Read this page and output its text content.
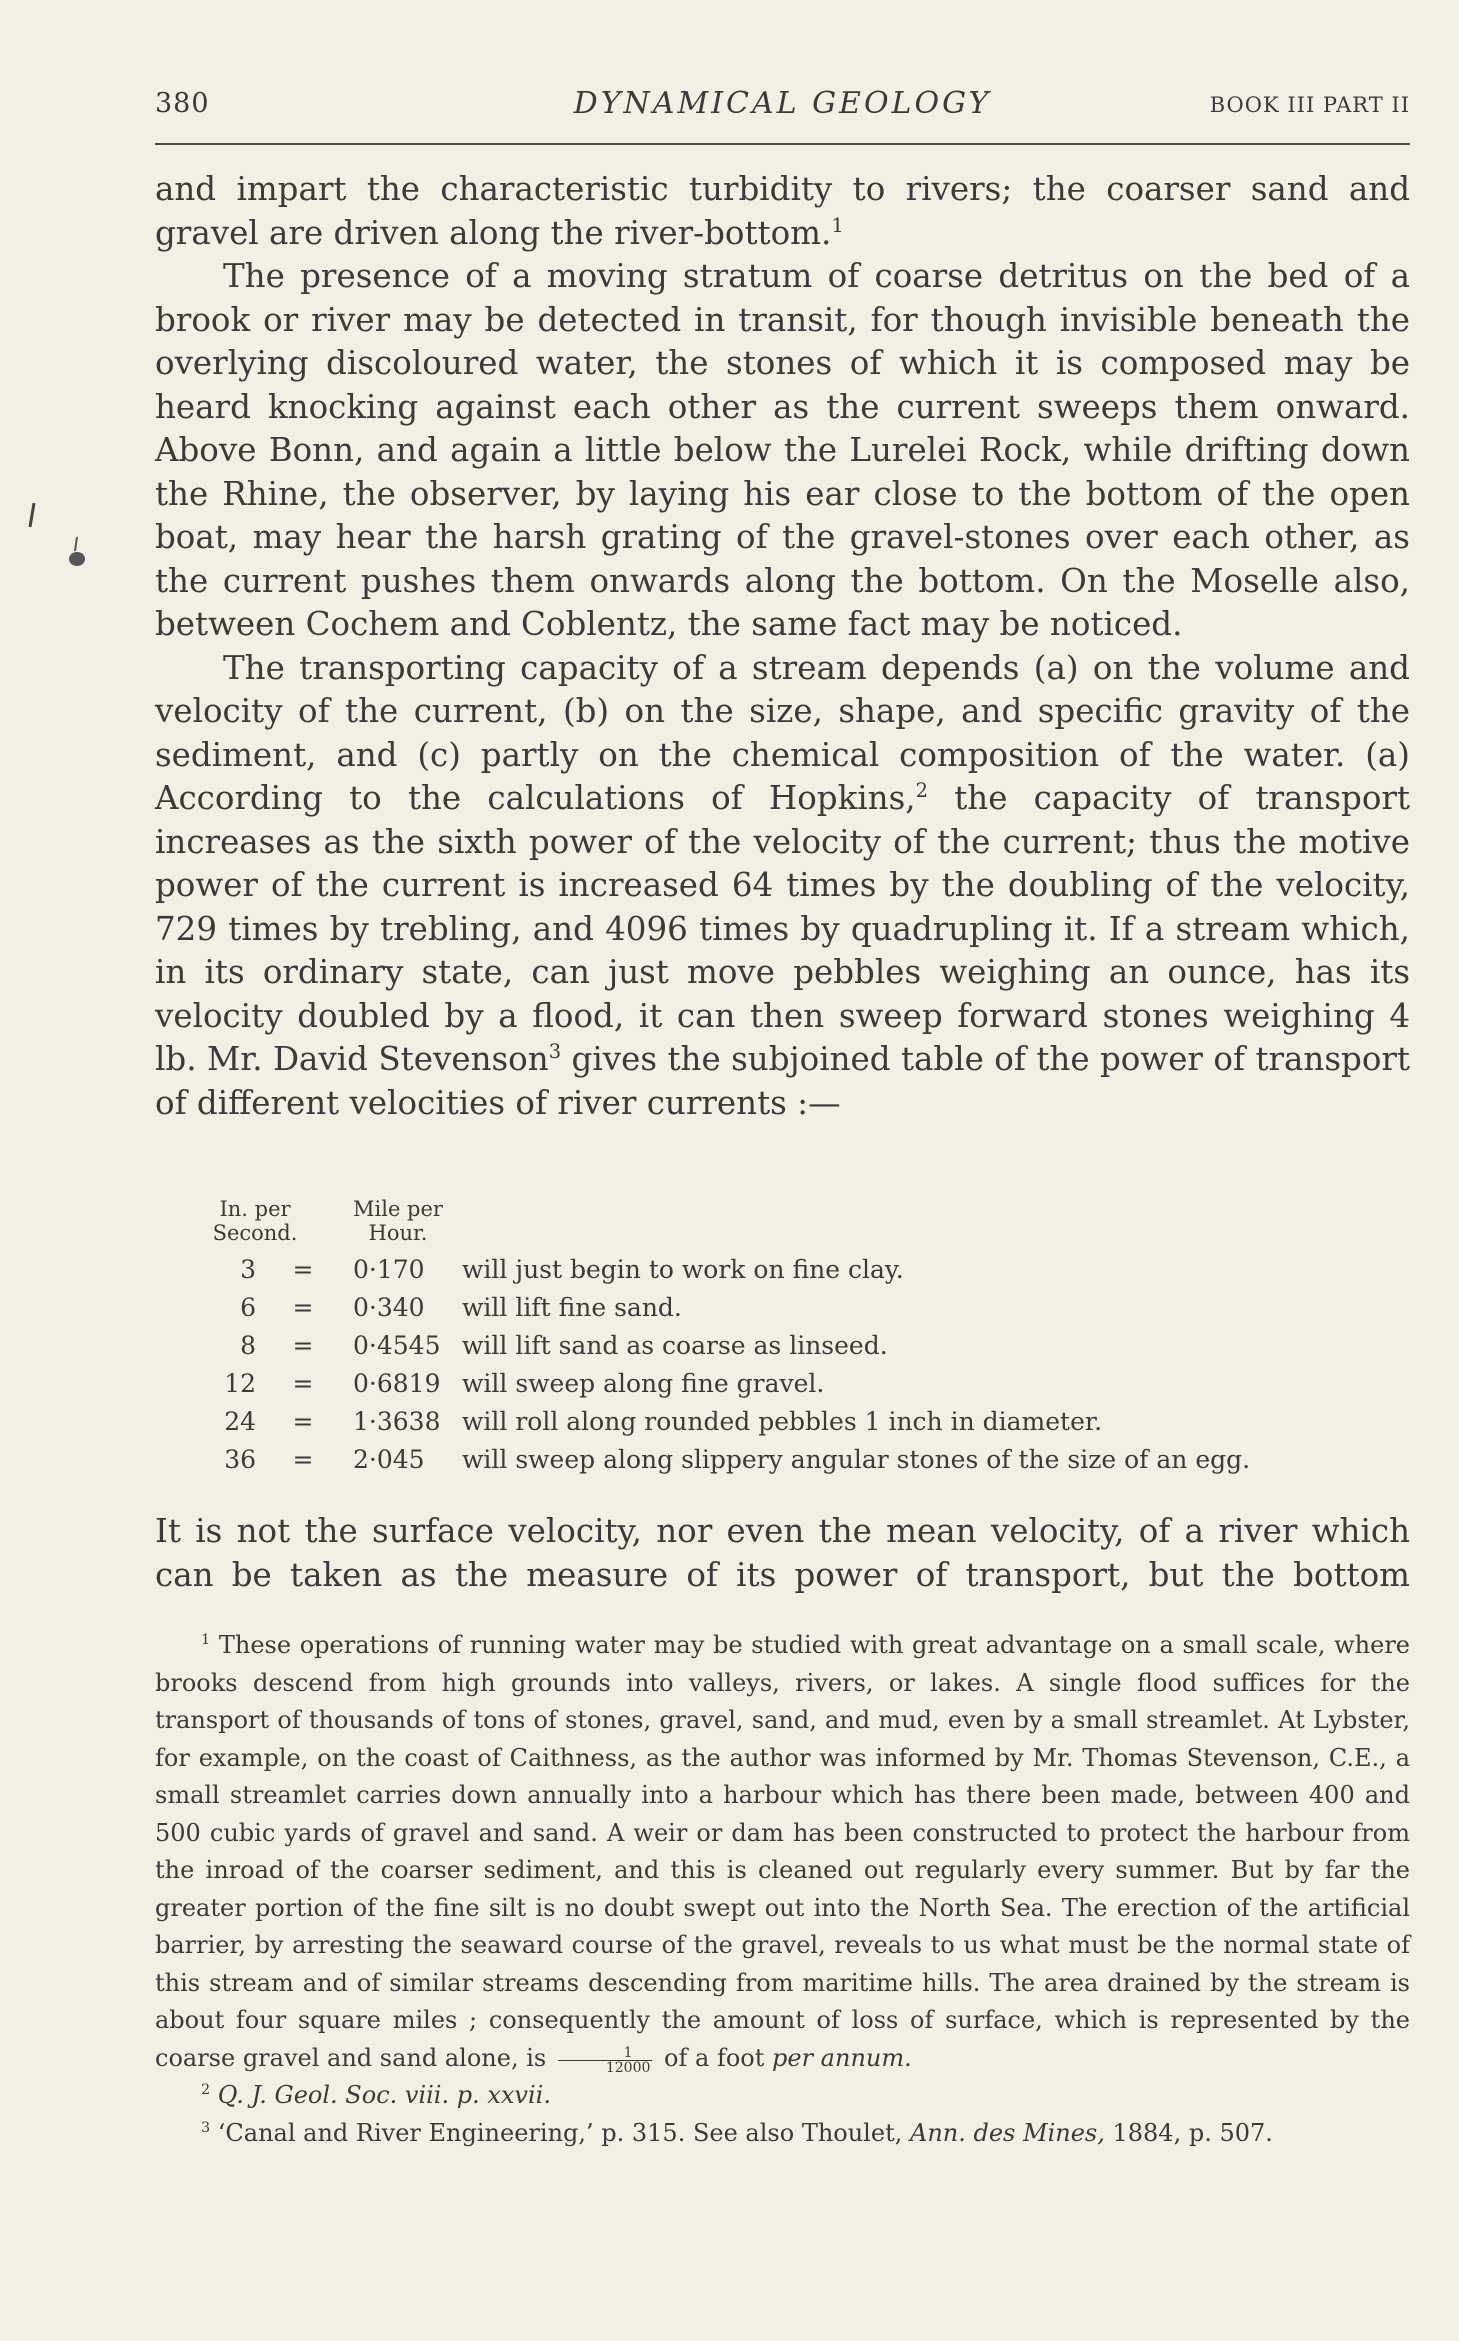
380	DYNAMICAL GEOLOGY	BOOK III PART II

and impart the characteristic turbidity to rivers; the coarser sand and gravel are driven along the river-bottom.$^1$

The presence of a moving stratum of coarse detritus on the bed of a brook or river may be detected in transit, for though invisible beneath the overlying discoloured water, the stones of which it is composed may be heard knocking against each other as the current sweeps them onward. Above Bonn, and again a little below the Lurelei Rock, while drifting down the Rhine, the observer, by laying his ear close to the bottom of the open boat, may hear the harsh grating of the gravel-stones over each other, as the current pushes them onwards along the bottom. On the Moselle also, between Cochem and Coblentz, the same fact may be noticed.

The transporting capacity of a stream depends (a) on the volume and velocity of the current, (b) on the size, shape, and specific gravity of the sediment, and (c) partly on the chemical composition of the water. (a) According to the calculations of Hopkins,$^2$ the capacity of transport increases as the sixth power of the velocity of the current; thus the motive power of the current is increased 64 times by the doubling of the velocity, 729 times by trebling, and 4096 times by quadrupling it. If a stream which, in its ordinary state, can just move pebbles weighing an ounce, has its velocity doubled by a flood, it can then sweep forward stones weighing 4 lb. Mr. David Stevenson$^3$ gives the subjoined table of the power of transport of different velocities of river currents :—

In. per
Second.
Mile per
Hour.
3 = 0·170	will just begin to work on fine clay.
6 = 0·340	will lift fine sand.
8 = 0·4545 will lift sand as coarse as linseed.
12 = 0·6819 will sweep along fine gravel.
24 = 1·3638 will roll along rounded pebbles 1 inch in diameter.
36 = 2·045	will sweep along slippery angular stones of the size of an egg.

It is not the surface velocity, nor even the mean velocity, of a river which can be taken as the measure of its power of transport, but the bottom

$^1$ These operations of running water may be studied with great advantage on a small scale, where brooks descend from high grounds into valleys, rivers, or lakes. A single flood suffices for the transport of thousands of tons of stones, gravel, sand, and mud, even by a small streamlet. At Lybster, for example, on the coast of Caithness, as the author was informed by Mr. Thomas Stevenson, C.E., a small streamlet carries down annually into a harbour which has there been made, between 400 and 500 cubic yards of gravel and sand. A weir or dam has been constructed to protect the harbour from the inroad of the coarser sediment, and this is cleaned out regularly every summer. But by far the greater portion of the fine silt is no doubt swept out into the North Sea. The erection of the artificial barrier, by arresting the seaward course of the gravel, reveals to us what must be the normal state of this stream and of similar streams descending from maritime hills. The area drained by the stream is about four square miles ; consequently the amount of loss of surface, which is represented by the coarse gravel and sand alone, is $\frac{1}{12000}$ of a foot per annum.

$^2$ Q. J. Geol. Soc. viii. p. xxvii.

$^3$ ‘Canal and River Engineering,’ p. 315. See also Thoulet, Ann. des Mines, 1884, p. 507.
